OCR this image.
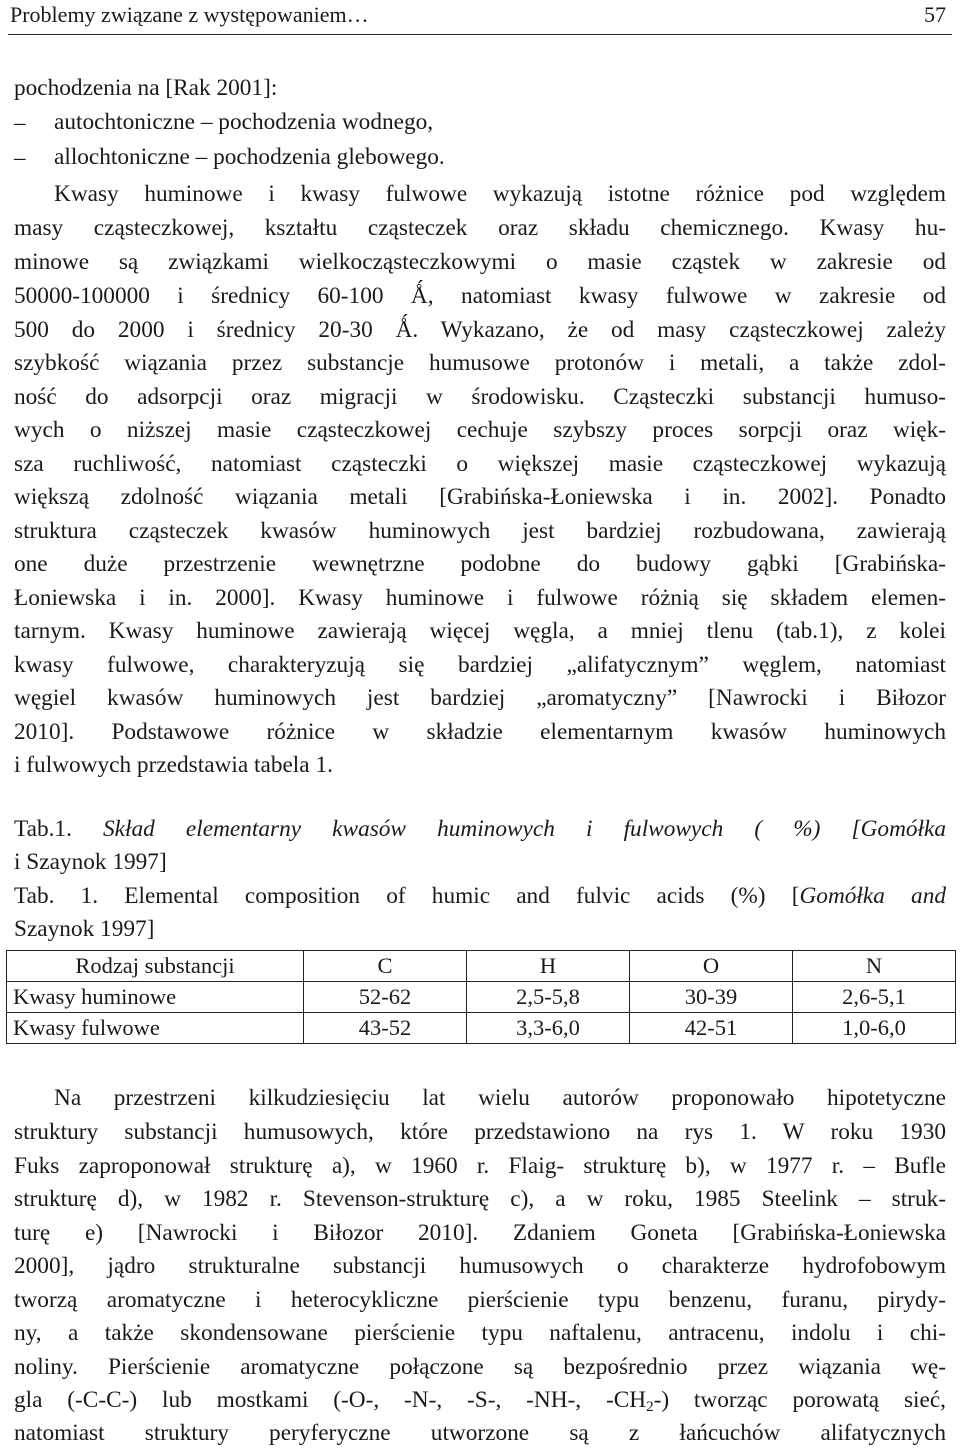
Problemy związane z występowaniem…	57
pochodzenia na [Rak 2001]:
– autochtoniczne – pochodzenia wodnego,
– allochtoniczne – pochodzenia glebowego.
Kwasy huminowe i kwasy fulwowe wykazują istotne różnice pod względem
masy cząsteczkowej, kształtu cząsteczek oraz składu chemicznego. Kwasy hu-
minowe są związkami wielkocząsteczkowymi o masie cząstek w zakresie od
50000-100000 i średnicy 60-100 Ǻ, natomiast kwasy fulwowe w zakresie od
500 do 2000 i średnicy 20-30 Ǻ. Wykazano, że od masy cząsteczkowej zależy
szybkość wiązania przez substancje humusowe protonów i metali, a także zdol-
ność do adsorpcji oraz migracji w środowisku. Cząsteczki substancji humuso-
wych o niższej masie cząsteczkowej cechuje szybszy proces sorpcji oraz więk-
sza ruchliwość, natomiast cząsteczki o większej masie cząsteczkowej wykazują
większą zdolność wiązania metali [Grabińska-Łoniewska i in. 2002]. Ponadto
struktura cząsteczek kwasów huminowych jest bardziej rozbudowana, zawierają
one duże przestrzenie wewnętrzne podobne do budowy gąbki [Grabińska-
Łoniewska i in. 2000]. Kwasy huminowe i fulwowe różnią się składem elemen-
tarnym. Kwasy huminowe zawierają więcej węgla, a mniej tlenu (tab.1), z kolei
kwasy fulwowe, charakteryzują się bardziej „alifatycznym” węglem, natomiast
węgiel kwasów huminowych jest bardziej „aromatyczny” [Nawrocki i Biłozor
2010]. Podstawowe różnice w składzie elementarnym kwasów huminowych
i fulwowych przedstawia tabela 1.
Tab.1. Skład elementarny kwasów huminowych i fulwowych ( %) [Gomółka
i Szaynok 1997]
Tab. 1. Elemental composition of humic and fulvic acids (%) [Gomółka and
Szaynok 1997]
Rodzaj substancji	C	H	O	N
Kwasy huminowe	52-62	2,5-5,8	30-39	2,6-5,1
Kwasy fulwowe	43-52	3,3-6,0	42-51	1,0-6,0
Na przestrzeni kilkudziesięciu lat wielu autorów proponowało hipotetyczne
struktury substancji humusowych, które przedstawiono na rys 1. W roku 1930
Fuks zaproponował strukturę a), w 1960 r. Flaig- strukturę b), w 1977 r. – Bufle
strukturę d), w 1982 r. Stevenson-strukturę c), a w roku, 1985 Steelink – struk-
turę e) [Nawrocki i Biłozor 2010]. Zdaniem Goneta [Grabińska-Łoniewska
2000], jądro strukturalne substancji humusowych o charakterze hydrofobowym
tworzą aromatyczne i heterocykliczne pierścienie typu benzenu, furanu, pirydy-
ny, a także skondensowane pierścienie typu naftalenu, antracenu, indolu i chi-
noliny. Pierścienie aromatyczne połączone są bezpośrednio przez wiązania wę-
gla (-C-C-) lub mostkami (-O-, -N-, -S-, -NH-, $-CH_2-$) tworząc porowatą sieć,
natomiast struktury peryferyczne utworzone są z łańcuchów alifatycznych
